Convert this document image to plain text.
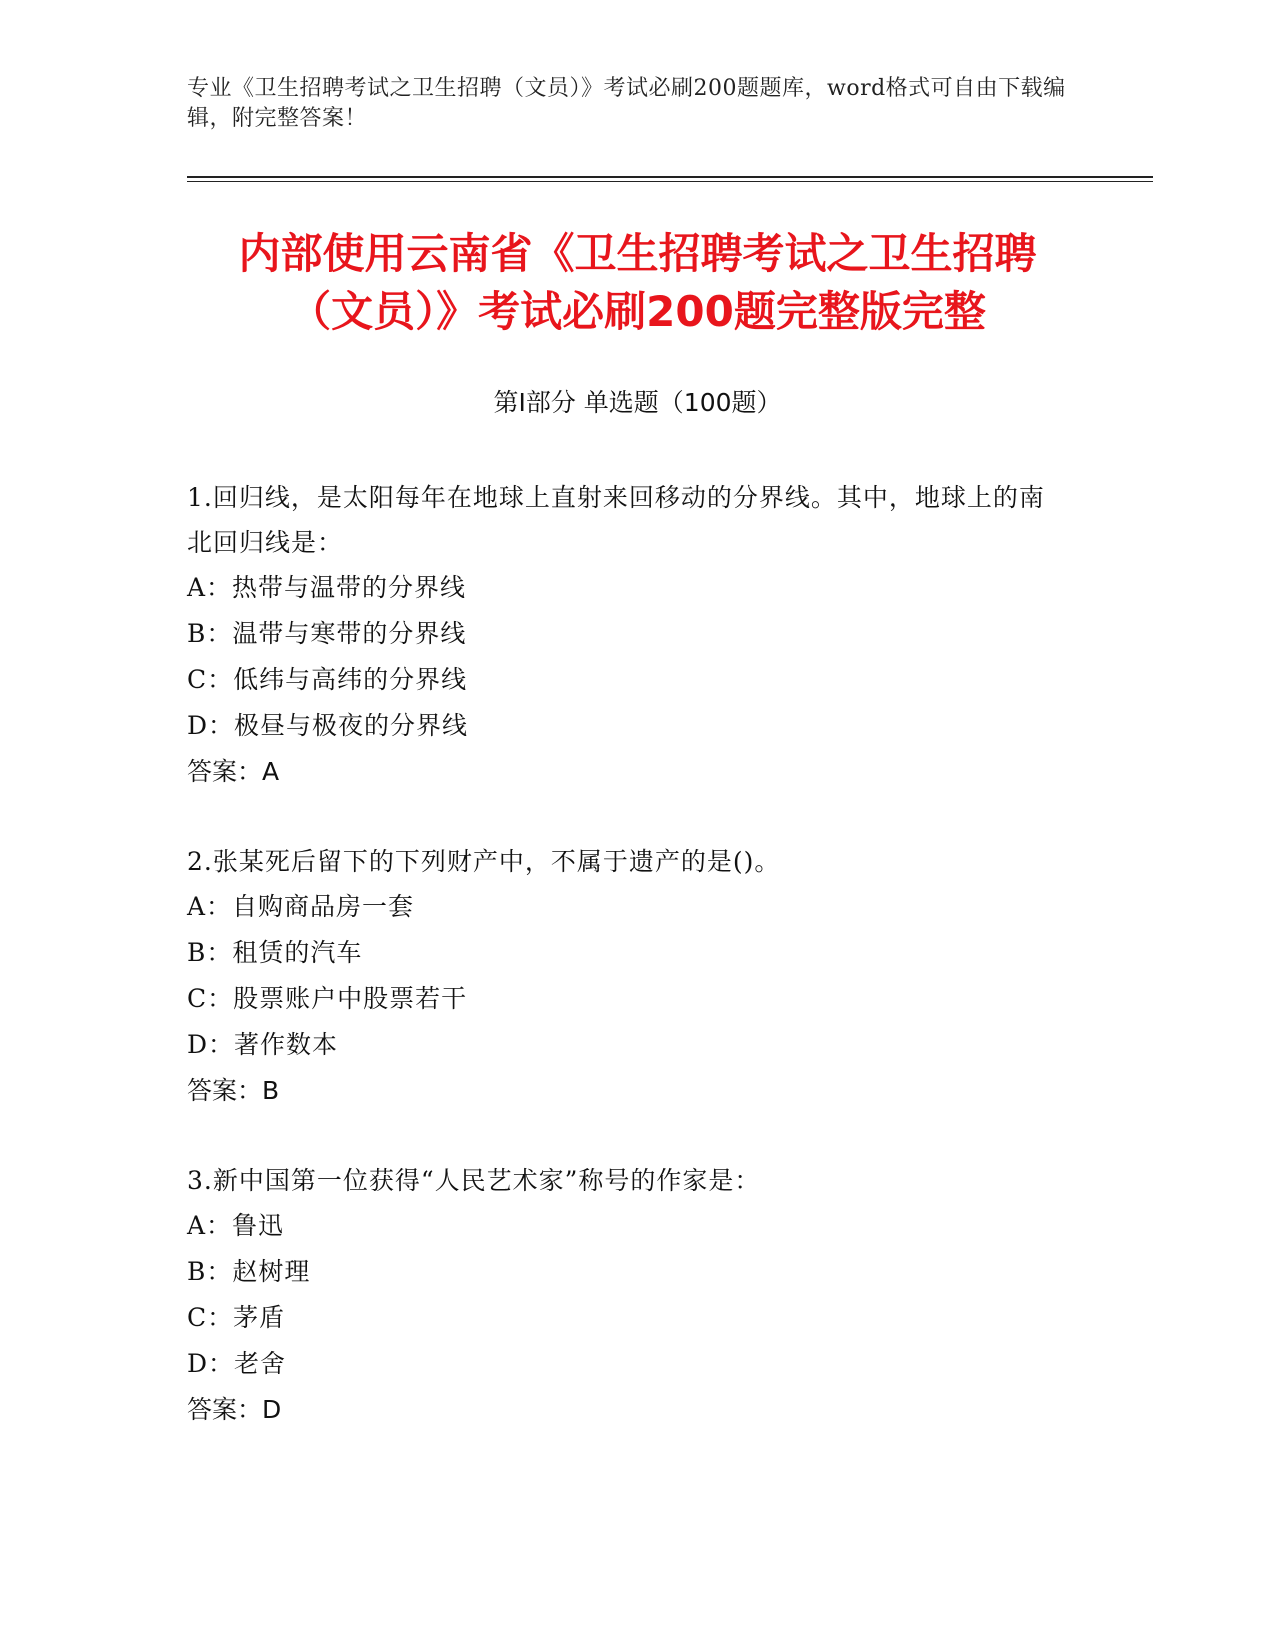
专业《卫生招聘考试之卫生招聘（文员）》考试必刷200题题库，word格式可自由下载编辑，附完整答案！
内部使用云南省《卫生招聘考试之卫生招聘
（文员）》考试必刷200题完整版完整
第I部分 单选题（100题）
1.回归线，是太阳每年在地球上直射来回移动的分界线。其中，地球上的南北回归线是：
A：热带与温带的分界线
B：温带与寒带的分界线
C：低纬与高纬的分界线
D：极昼与极夜的分界线
答案：A
2.张某死后留下的下列财产中，不属于遗产的是()。
A：自购商品房一套
B：租赁的汽车
C：股票账户中股票若干
D：著作数本
答案：B
3.新中国第一位获得“人民艺术家”称号的作家是：
A：鲁迅
B：赵树理
C：茅盾
D：老舍
答案：D
